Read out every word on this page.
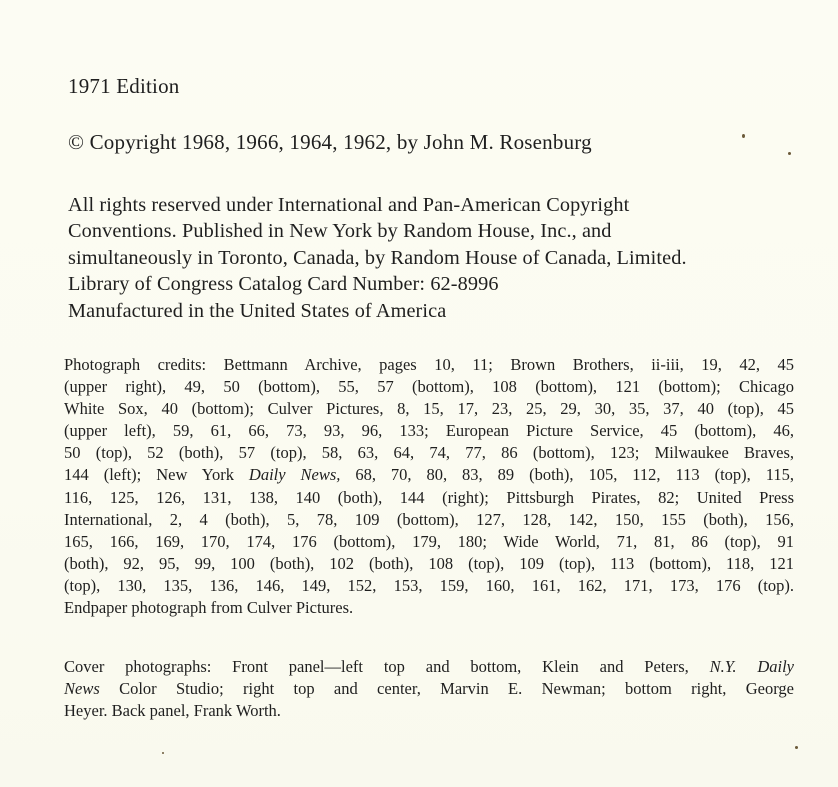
1971 Edition
© Copyright 1968, 1966, 1964, 1962, by John M. Rosenburg
All rights reserved under International and Pan-American Copyright
Conventions. Published in New York by Random House, Inc., and
simultaneously in Toronto, Canada, by Random House of Canada, Limited.
Library of Congress Catalog Card Number: 62-8996
Manufactured in the United States of America
Photograph credits: Bettmann Archive, pages 10, 11; Brown Brothers, ii-iii, 19, 42, 45
(upper right), 49, 50 (bottom), 55, 57 (bottom), 108 (bottom), 121 (bottom); Chicago
White Sox, 40 (bottom); Culver Pictures, 8, 15, 17, 23, 25, 29, 30, 35, 37, 40 (top), 45
(upper left), 59, 61, 66, 73, 93, 96, 133; European Picture Service, 45 (bottom), 46,
50 (top), 52 (both), 57 (top), 58, 63, 64, 74, 77, 86 (bottom), 123; Milwaukee Braves,
144 (left); New York Daily News, 68, 70, 80, 83, 89 (both), 105, 112, 113 (top), 115,
116, 125, 126, 131, 138, 140 (both), 144 (right); Pittsburgh Pirates, 82; United Press
International, 2, 4 (both), 5, 78, 109 (bottom), 127, 128, 142, 150, 155 (both), 156,
165, 166, 169, 170, 174, 176 (bottom), 179, 180; Wide World, 71, 81, 86 (top), 91
(both), 92, 95, 99, 100 (both), 102 (both), 108 (top), 109 (top), 113 (bottom), 118, 121
(top), 130, 135, 136, 146, 149, 152, 153, 159, 160, 161, 162, 171, 173, 176 (top).
Endpaper photograph from Culver Pictures.
Cover photographs: Front panel—left top and bottom, Klein and Peters, N.Y. Daily
News Color Studio; right top and center, Marvin E. Newman; bottom right, George
Heyer. Back panel, Frank Worth.
